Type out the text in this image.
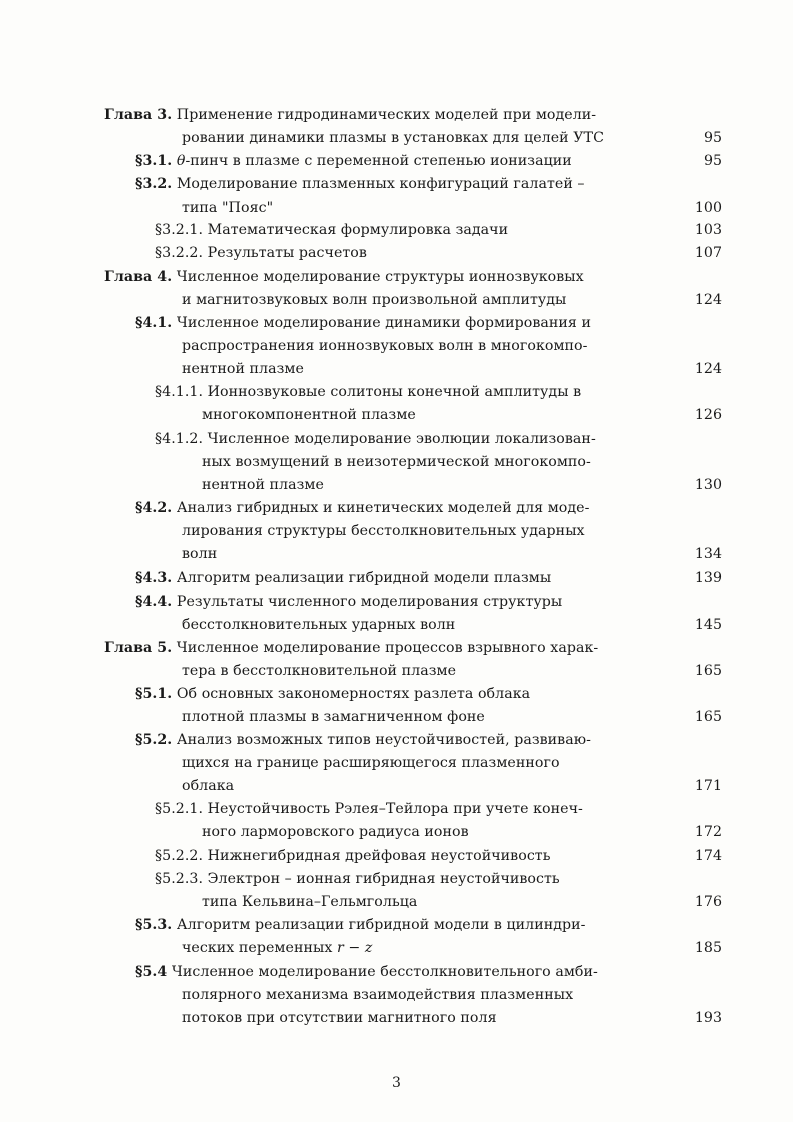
Глава 3. Применение гидродинамических моделей при модели-
ровании динамики плазмы в установках для целей УТС	95
§3.1. θ-пинч в плазме с переменной степенью ионизации	95
§3.2. Моделирование плазменных конфигураций галатей –
типа "Пояс"	100
§3.2.1. Математическая формулировка задачи	103
§3.2.2. Результаты расчетов	107
Глава 4. Численное моделирование структуры ионнозвуковых
и магнитозвуковых волн произвольной амплитуды	124
§4.1. Численное моделирование динамики формирования и
распространения ионнозвуковых волн в многокомпо-
нентной плазме	124
§4.1.1. Ионнозвуковые солитоны конечной амплитуды в
многокомпонентной плазме	126
§4.1.2. Численное моделирование эволюции локализован-
ных возмущений в неизотермической многокомпо-
нентной плазме	130
§4.2. Анализ гибридных и кинетических моделей для моде-
лирования структуры бесстолкновительных ударных
волн	134
§4.3. Алгоритм реализации гибридной модели плазмы	139
§4.4. Результаты численного моделирования структуры
бесстолкновительных ударных волн	145
Глава 5. Численное моделирование процессов взрывного харак-
тера в бесстолкновительной плазме	165
§5.1. Об основных закономерностях разлета облака
плотной плазмы в замагниченном фоне	165
§5.2. Анализ возможных типов неустойчивостей, развиваю-
щихся на границе расширяющегося плазменного
облака	171
§5.2.1. Неустойчивость Рэлея–Тейлора при учете конеч-
ного ларморовского радиуса ионов	172
§5.2.2. Нижнегибридная дрейфовая неустойчивость	174
§5.2.3. Электрон – ионная гибридная неустойчивость
типа Кельвина–Гельмгольца	176
§5.3. Алгоритм реализации гибридной модели в цилиндри-
ческих переменных r − z	185
§5.4 Численное моделирование бесстолкновительного амби-
полярного механизма взаимодействия плазменных
потоков при отсутствии магнитного поля	193
3
